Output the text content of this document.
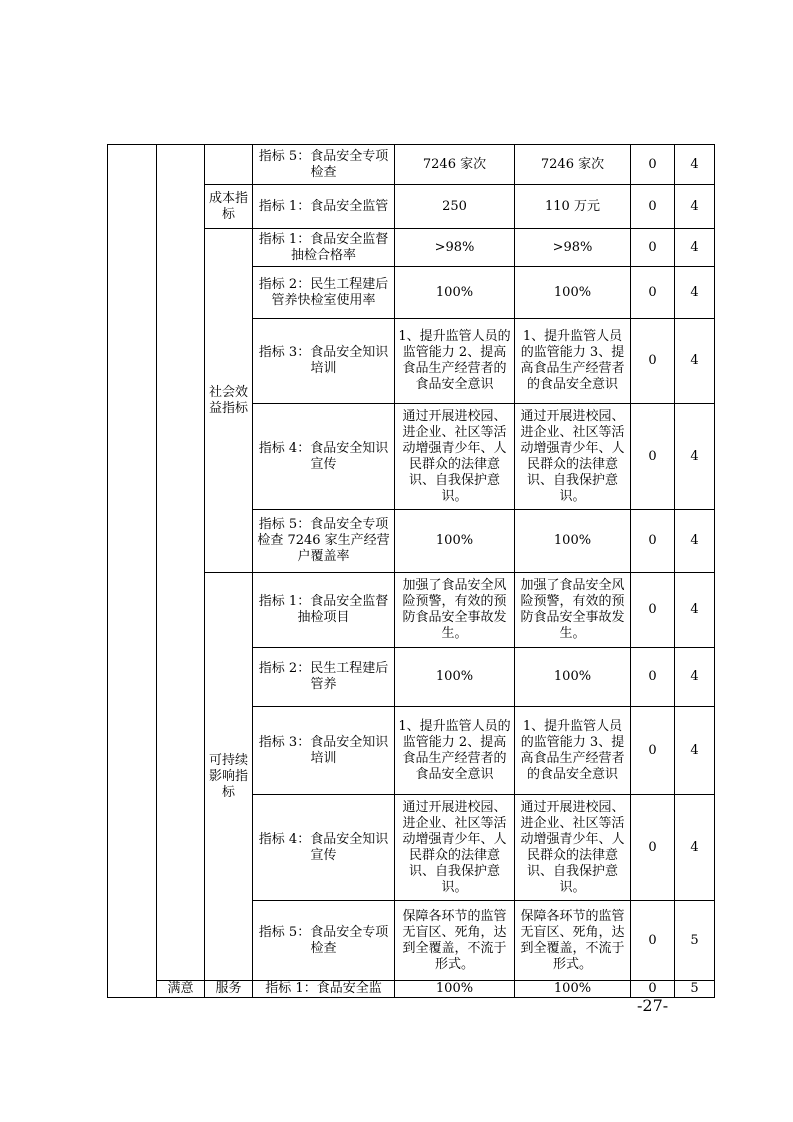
			指标 5：食品安全专项检查	7246 家次	7246 家次	0	4
		成本指标	指标 1：食品安全监管	250	110 万元	0	4
		社会效益指标	指标 1：食品安全监督抽检合格率	>98%	>98%	0	4
			指标 2：民生工程建后管养快检室使用率	100%	100%	0	4
			指标 3：食品安全知识培训	1、提升监管人员的监管能力 2、提高食品生产经营者的食品安全意识	1、提升监管人员的监管能力 3、提高食品生产经营者的食品安全意识	0	4
			指标 4：食品安全知识宣传	通过开展进校园、进企业、社区等活动增强青少年、人民群众的法律意识、自我保护意识。	通过开展进校园、进企业、社区等活动增强青少年、人民群众的法律意识、自我保护意识。	0	4
			指标 5：食品安全专项检查 7246 家生产经营户覆盖率	100%	100%	0	4
		可持续影响指标	指标 1：食品安全监督抽检项目	加强了食品安全风险预警，有效的预防食品安全事故发生。	加强了食品安全风险预警，有效的预防食品安全事故发生。	0	4
			指标 2：民生工程建后管养	100%	100%	0	4
			指标 3：食品安全知识培训	1、提升监管人员的监管能力 2、提高食品生产经营者的食品安全意识	1、提升监管人员的监管能力 3、提高食品生产经营者的食品安全意识	0	4
			指标 4：食品安全知识宣传	通过开展进校园、进企业、社区等活动增强青少年、人民群众的法律意识、自我保护意识。	通过开展进校园、进企业、社区等活动增强青少年、人民群众的法律意识、自我保护意识。	0	4
			指标 5：食品安全专项检查	保障各环节的监管无盲区、死角，达到全覆盖，不流于形式。	保障各环节的监管无盲区、死角，达到全覆盖，不流于形式。	0	5
	满意	服务	指标 1：食品安全监	100%	100%	0	5
-27-
